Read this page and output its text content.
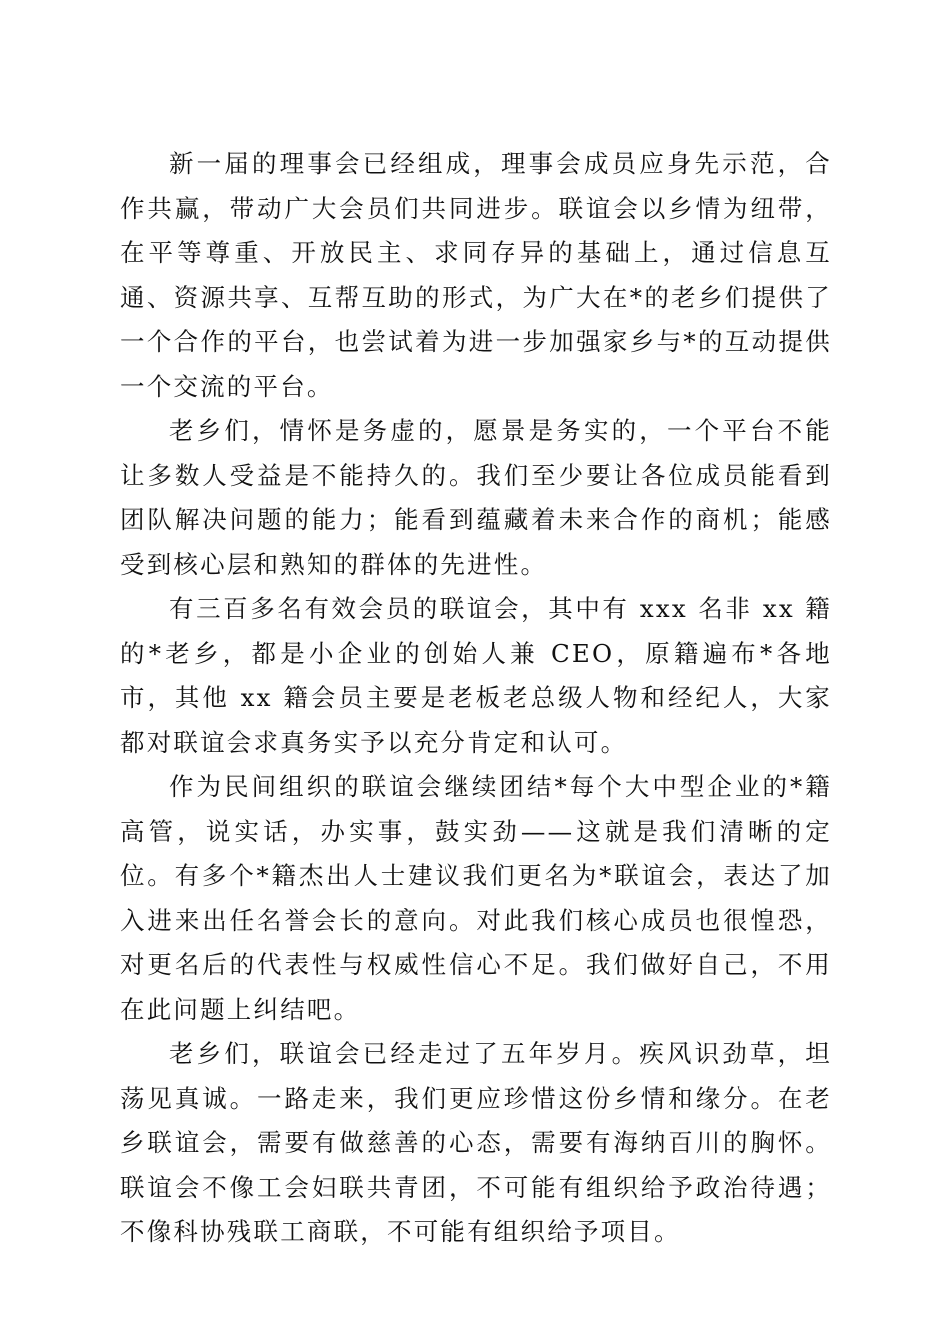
新一届的理事会已经组成，理事会成员应身先示范，合作共赢，带动广大会员们共同进步。联谊会以乡情为纽带，在平等尊重、开放民主、求同存异的基础上，通过信息互通、资源共享、互帮互助的形式，为广大在*的老乡们提供了一个合作的平台，也尝试着为进一步加强家乡与*的互动提供一个交流的平台。

老乡们，情怀是务虚的，愿景是务实的，一个平台不能让多数人受益是不能持久的。我们至少要让各位成员能看到团队解决问题的能力；能看到蕴藏着未来合作的商机；能感受到核心层和熟知的群体的先进性。

有三百多名有效会员的联谊会，其中有 xxx 名非 xx 籍的*老乡，都是小企业的创始人兼 CEO，原籍遍布*各地市，其他 xx 籍会员主要是老板老总级人物和经纪人，大家都对联谊会求真务实予以充分肯定和认可。

作为民间组织的联谊会继续团结*每个大中型企业的*籍高管，说实话，办实事，鼓实劲——这就是我们清晰的定位。有多个*籍杰出人士建议我们更名为*联谊会，表达了加入进来出任名誉会长的意向。对此我们核心成员也很惶恐，对更名后的代表性与权威性信心不足。我们做好自己，不用在此问题上纠结吧。

老乡们，联谊会已经走过了五年岁月。疾风识劲草，坦荡见真诚。一路走来，我们更应珍惜这份乡情和缘分。在老乡联谊会，需要有做慈善的心态，需要有海纳百川的胸怀。联谊会不像工会妇联共青团，不可能有组织给予政治待遇；不像科协残联工商联，不可能有组织给予项目。
